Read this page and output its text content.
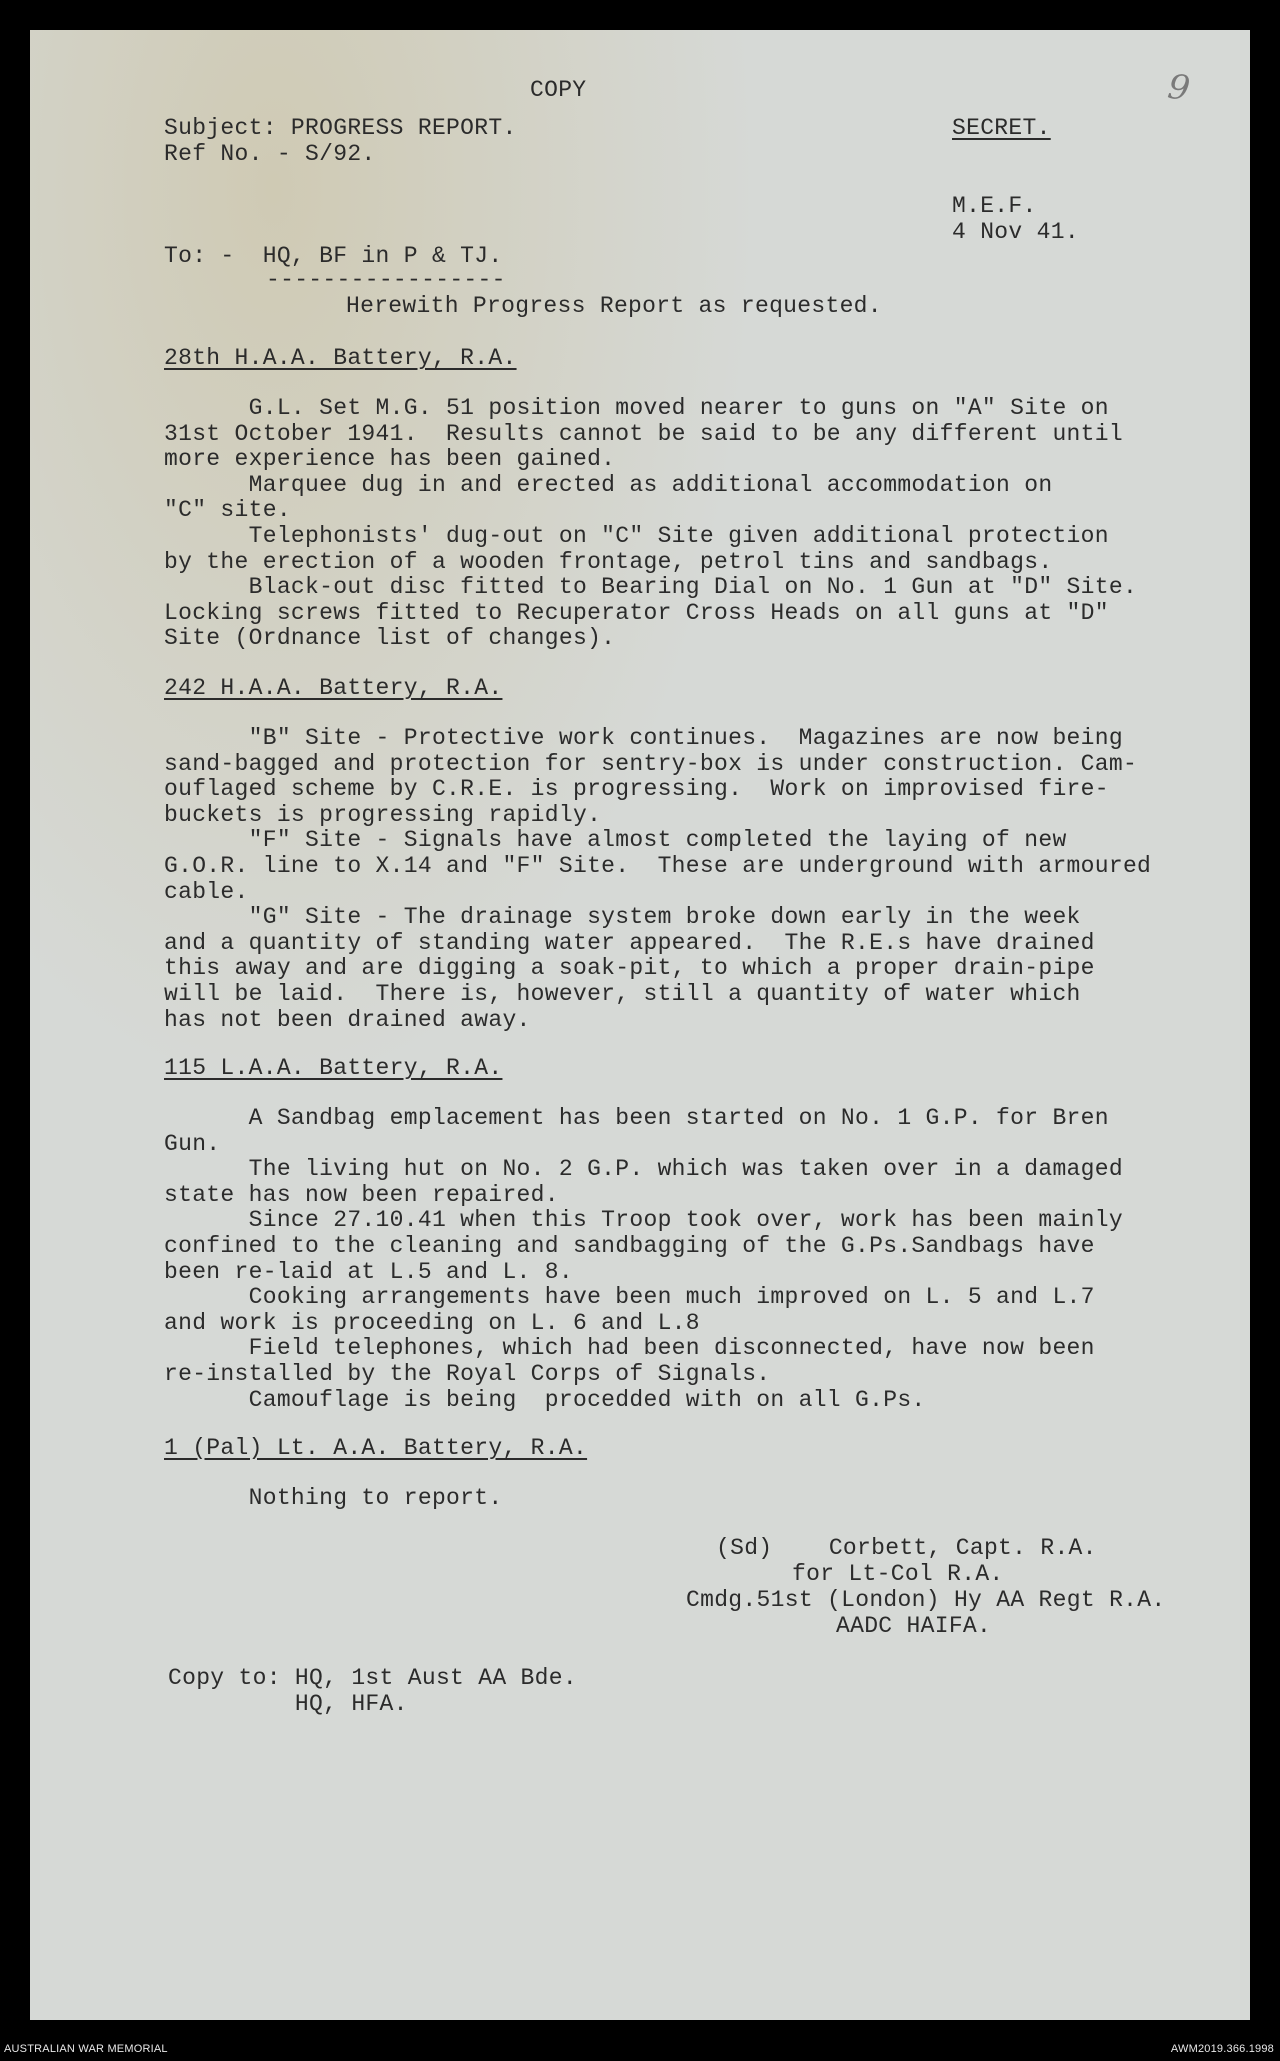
COPY	9
Subject: PROGRESS REPORT.
Ref No. - S/92.
SECRET.
M.E.F.
4 Nov 41.
To: -  HQ, BF in P & TJ.
-----------------
Herewith Progress Report as requested.
28th H.A.A. Battery, R.A.
G.L. Set M.G. 51 position moved nearer to guns on "A" Site on
31st October 1941.  Results cannot be said to be any different until
more experience has been gained.
Marquee dug in and erected as additional accommodation on
"C" site.
Telephonists' dug-out on "C" Site given additional protection
by the erection of a wooden frontage, petrol tins and sandbags.
Black-out disc fitted to Bearing Dial on No. 1 Gun at "D" Site.
Locking screws fitted to Recuperator Cross Heads on all guns at "D"
Site (Ordnance list of changes).
242 H.A.A. Battery, R.A.
"B" Site - Protective work continues.  Magazines are now being
sand-bagged and protection for sentry-box is under construction. Cam-
ouflaged scheme by C.R.E. is progressing.  Work on improvised fire-
buckets is progressing rapidly.
"F" Site - Signals have almost completed the laying of new
G.O.R. line to X.14 and "F" Site.  These are underground with armoured
cable.
"G" Site - The drainage system broke down early in the week
and a quantity of standing water appeared.  The R.E.s have drained
this away and are digging a soak-pit, to which a proper drain-pipe
will be laid.  There is, however, still a quantity of water which
has not been drained away.
115 L.A.A. Battery, R.A.
A Sandbag emplacement has been started on No. 1 G.P. for Bren
Gun.
The living hut on No. 2 G.P. which was taken over in a damaged
state has now been repaired.
Since 27.10.41 when this Troop took over, work has been mainly
confined to the cleaning and sandbagging of the G.Ps.Sandbags have
been re-laid at L.5 and L. 8.
Cooking arrangements have been much improved on L. 5 and L.7
and work is proceeding on L. 6 and L.8
Field telephones, which had been disconnected, have now been
re-installed by the Royal Corps of Signals.
Camouflage is being  procedded with on all G.Ps.
1 (Pal) Lt. A.A. Battery, R.A.
Nothing to report.
(Sd)    Corbett, Capt. R.A.
for Lt-Col R.A.
Cmdg.51st (London) Hy AA Regt R.A.
AADC HAIFA.
Copy to: HQ, 1st Aust AA Bde.
HQ, HFA.
AUSTRALIAN WAR MEMORIAL	AWM2019.366.1998
